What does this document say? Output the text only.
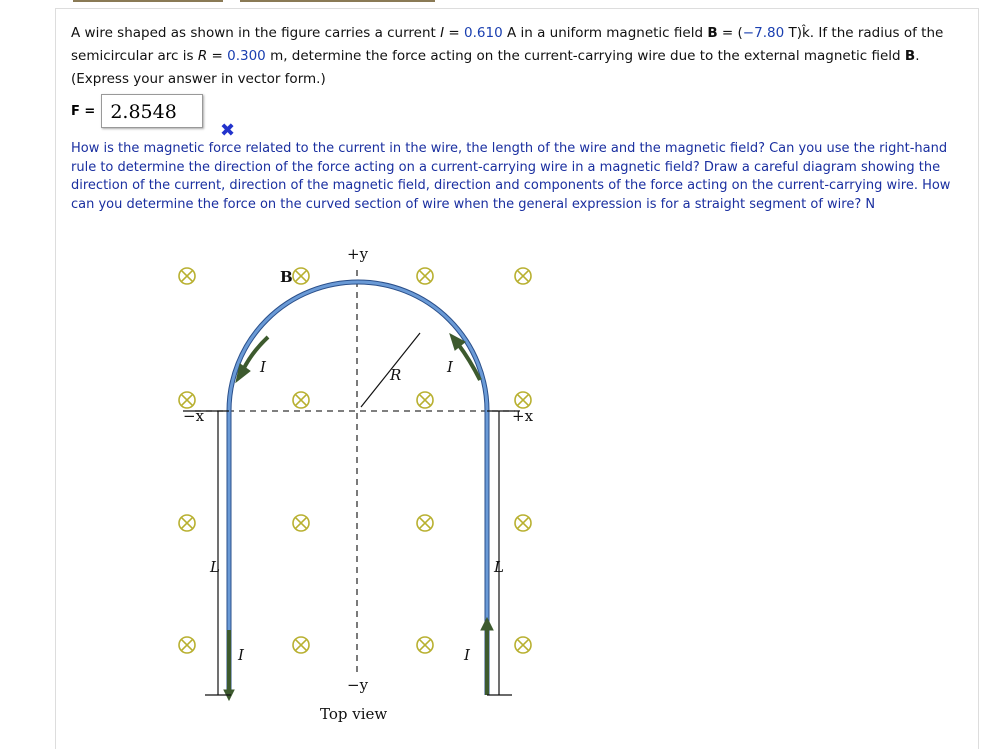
A wire shaped as shown in the figure carries a current I = 0.610 A in a uniform magnetic field B = (−7.80 T)k̂. If the radius of the semicircular arc is R = 0.300 m, determine the force acting on the current-carrying wire due to the external magnetic field B. (Express your answer in vector form.)
F = 2.8548
✖
How is the magnetic force related to the current in the wire, the length of the wire and the magnetic field? Can you use the right-hand rule to determine the direction of the force acting on a current-carrying wire in a magnetic field? Draw a careful diagram showing the direction of the current, direction of the magnetic field, direction and components of the force acting on the current-carrying wire. How can you determine the force on the curved section of wire when the general expression is for a straight segment of wire? N
+y
−y
+x
−x
B
R
I	I
I	I
L	L
Top view
